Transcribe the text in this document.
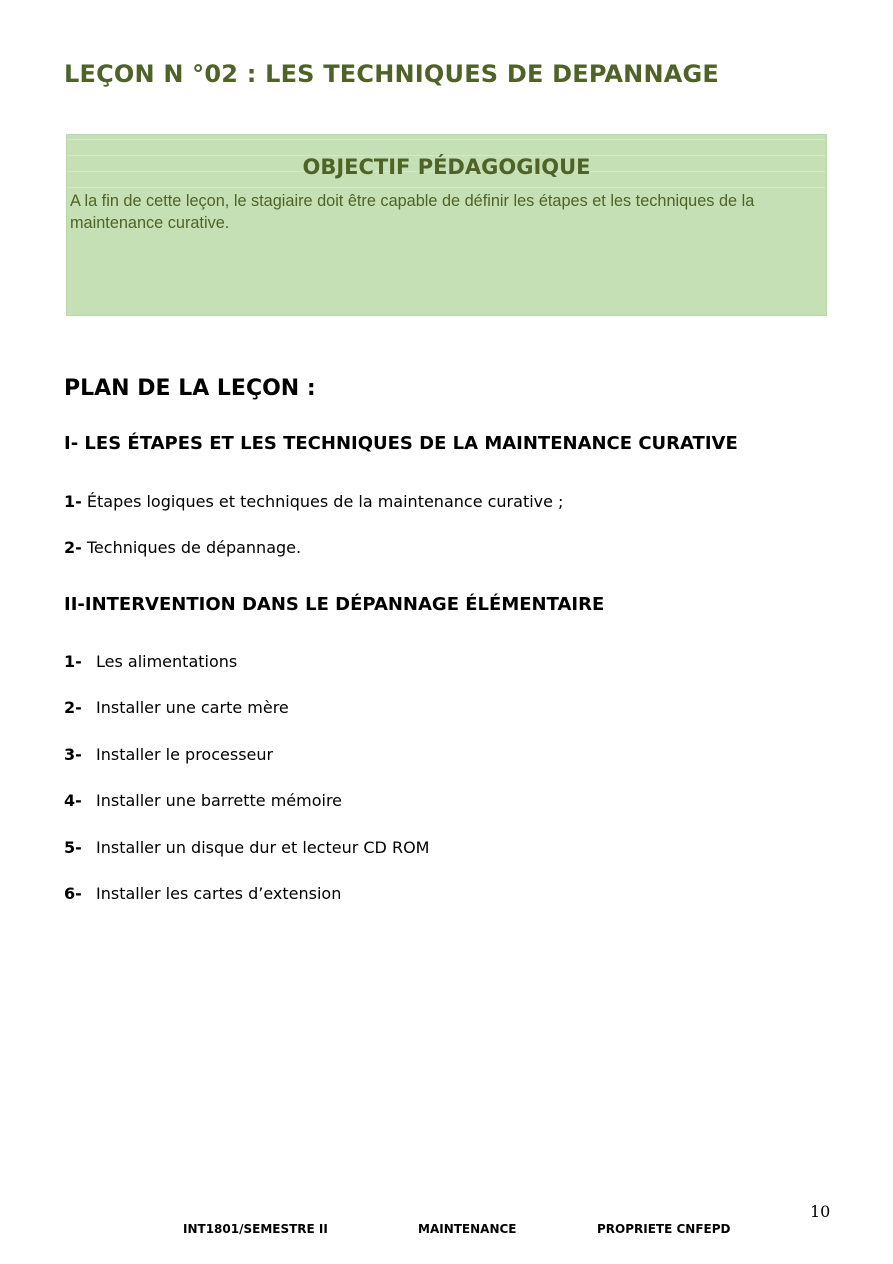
LEÇON N °02 : LES TECHNIQUES DE DEPANNAGE
OBJECTIF PÉDAGOGIQUE

A la fin de cette leçon, le stagiaire doit être capable de définir les étapes et les techniques de la maintenance curative.

PLAN DE LA LEÇON :
I- LES ÉTAPES ET LES TECHNIQUES DE LA MAINTENANCE CURATIVE

1- Étapes logiques et techniques de la maintenance curative ;

2- Techniques de dépannage.

II-INTERVENTION DANS LE DÉPANNAGE ÉLÉMENTAIRE

1- Les alimentations

2- Installer une carte mère

3- Installer le processeur

4- Installer une barrette mémoire

5- Installer un disque dur et lecteur CD ROM

6- Installer les cartes d’extension

10
INT1801/SEMESTRE II	MAINTENANCE	PROPRIETE CNFEPD
